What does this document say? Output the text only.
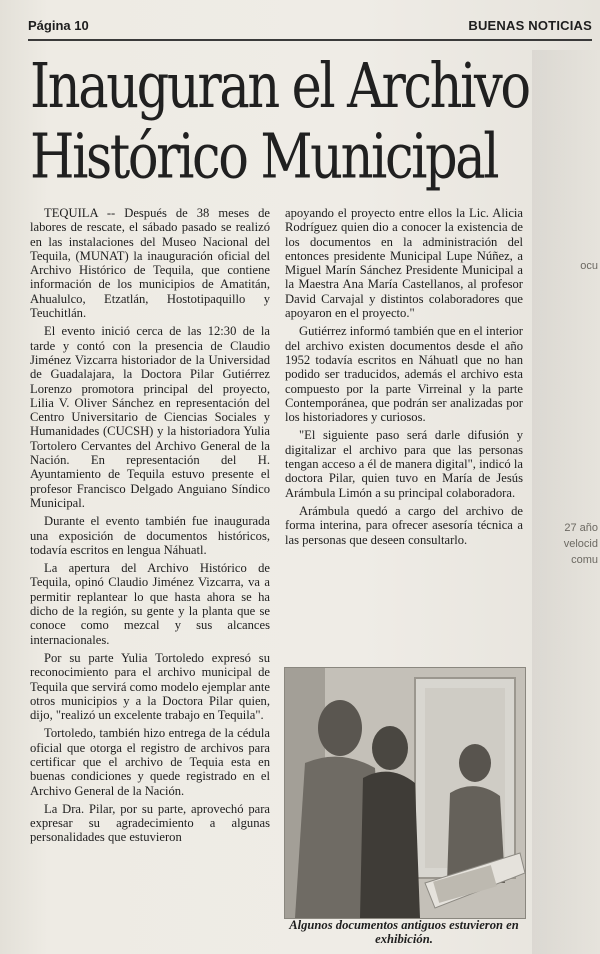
Página 10	BUENAS NOTICIAS
Inauguran el Archivo
Histórico Municipal

TEQUILA -- Después de 38 meses de labores de rescate, el sábado pasado se realizó en las instalaciones del Museo Nacional del Tequila, (MUNAT) la inauguración oficial del Archivo Histórico de Tequila, que contiene información de los municipios de Amatitán, Ahualulco, Etzatlán, Hostotipaquillo y Teuchitlán.

El evento inició cerca de las 12:30 de la tarde y contó con la presencia de Claudio Jiménez Vizcarra historiador de la Universidad de Guadalajara, la Doctora Pilar Gutiérrez Lorenzo promotora principal del proyecto, Lilia V. Oliver Sánchez en representación del Centro Universitario de Ciencias Sociales y Humanidades (CUCSH) y la historiadora Yulia Tortolero Cervantes del Archivo General de la Nación. En representación del H. Ayuntamiento de Tequila estuvo presente el profesor Francisco Delgado Anguiano Síndico Municipal.

Durante el evento también fue inaugurada una exposición de documentos históricos, todavía escritos en lengua Náhuatl.

La apertura del Archivo Histórico de Tequila, opinó Claudio Jiménez Vizcarra, va a permitir replantear lo que hasta ahora se ha dicho de la región, su gente y la planta que se conoce como mezcal y sus alcances internacionales.

Por su parte Yulia Tortoledo expresó su reconocimiento para el archivo municipal de Tequila que servirá como modelo ejemplar ante otros municipios y a la Doctora Pilar quien, dijo, "realizó un excelente trabajo en Tequila".

Tortoledo, también hizo entrega de la cédula oficial que otorga el registro de archivos para certificar que el archivo de Tequia esta en buenas condiciones y quede registrado en el Archivo General de la Nación.

La Dra. Pilar, por su parte, aprovechó para expresar su agradecimiento a algunas personalidades que estuvieron

apoyando el proyecto entre ellos la Lic. Alicia Rodríguez quien dio a conocer la existencia de los documentos en la administración del entonces presidente Municipal Lupe Núñez, a Miguel Marín Sánchez Presidente Municipal a la Maestra Ana María Castellanos, al profesor David Carvajal y distintos colaboradores que apoyaron en el proyecto."

Gutiérrez informó también que en el interior del archivo existen documentos desde el año 1952 todavía escritos en Náhuatl que no han podido ser traducidos, además el archivo esta compuesto por la parte Virreinal y la parte Contemporánea, que podrán ser analizadas por los historiadores y curiosos.

"El siguiente paso será darle difusión y digitalizar el archivo para que las personas tengan acceso a él de manera digital", indicó la doctora Pilar, quien tuvo en María de Jesús Arámbula Limón a su principal colaboradora.

Arámbula quedó a cargo del archivo de forma interina, para ofrecer asesoría técnica a las personas que deseen consultarlo.

Algunos documentos antiguos estuvieron en exhibición.
ocu
27 año
velocid
comu
